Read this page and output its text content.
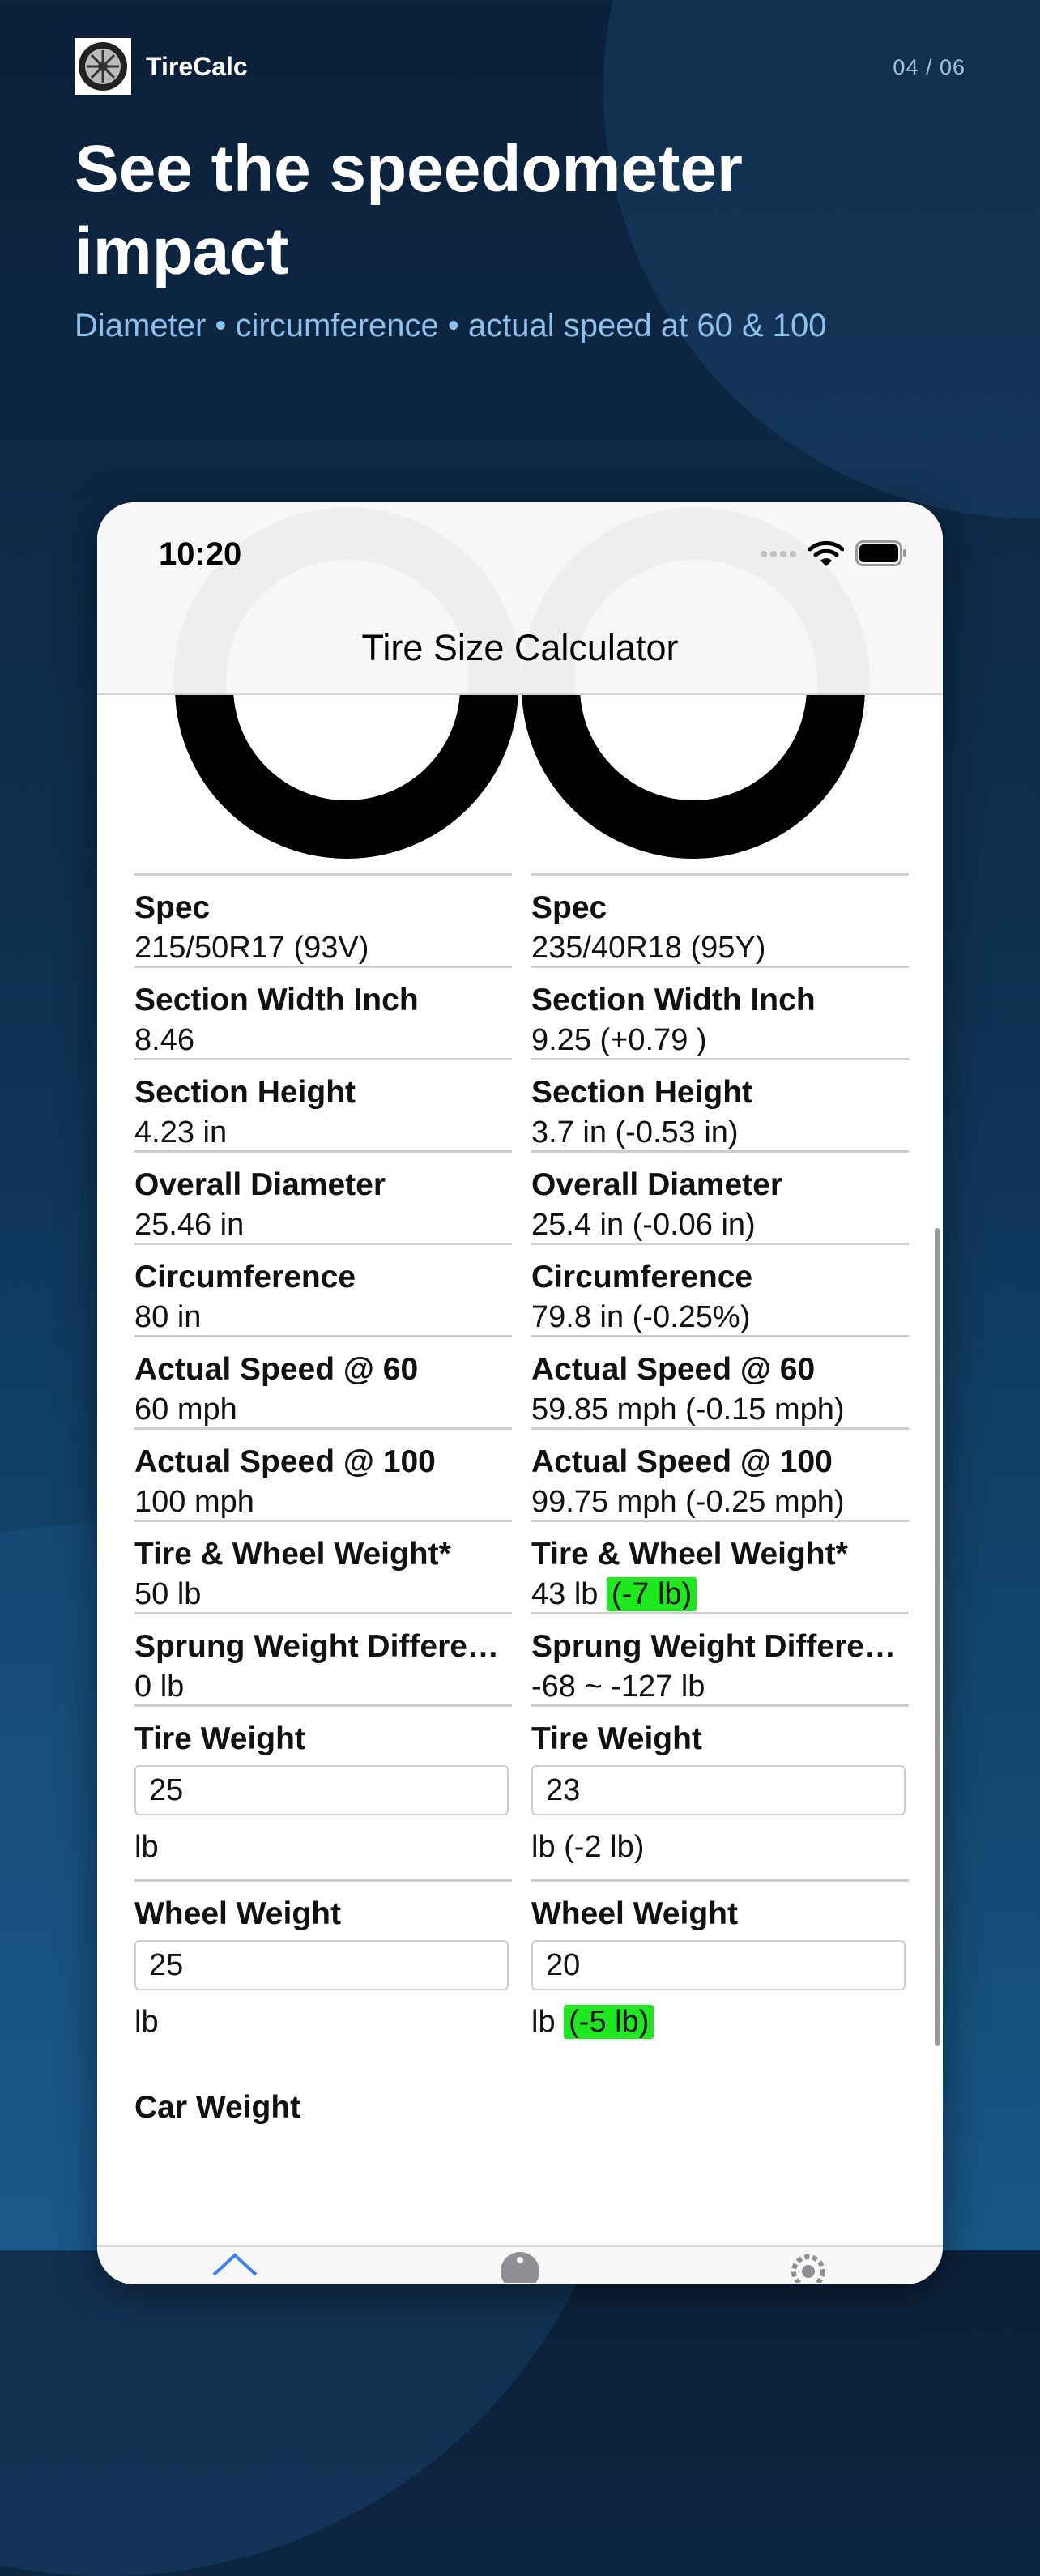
TireCalc	04 / 06
See the speedometer
impact
Diameter • circumference • actual speed at 60 & 100
10:20
Tire Size Calculator
Spec
215/50R17 (93V)
Section Width Inch
8.46
Section Height
4.23 in
Overall Diameter
25.46 in
Circumference
80 in
Actual Speed @ 60
60 mph
Actual Speed @ 100
100 mph
Tire & Wheel Weight*
50 lb
Sprung Weight Differe…
0 lb
Tire Weight
25
lb
Wheel Weight
25
lb
Spec
235/40R18 (95Y)
Section Width Inch
9.25 (+0.79 )
Section Height
3.7 in (-0.53 in)
Overall Diameter
25.4 in (-0.06 in)
Circumference
79.8 in (-0.25%)
Actual Speed @ 60
59.85 mph (-0.15 mph)
Actual Speed @ 100
99.75 mph (-0.25 mph)
Tire & Wheel Weight*
43 lb (-7 lb)
Sprung Weight Differe…
-68 ~ -127 lb
Tire Weight
23
lb (-2 lb)
Wheel Weight
20
lb (-5 lb)
Car Weight
